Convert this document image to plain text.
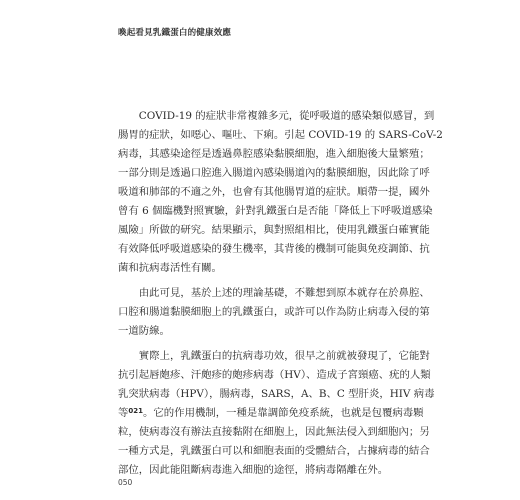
喚起看見乳鐵蛋白的健康效應
COVID-19 的症狀非常複雜多元，從呼吸道的感染類似感冒，到
腸胃的症狀，如噁心、嘔吐、下痢。引起 COVID-19 的 SARS-CoV-2
病毒，其感染途徑是透過鼻腔感染黏膜細胞，進入細胞後大量繁殖；
一部分則是透過口腔進入腸道內感染腸道內的黏膜細胞，因此除了呼
吸道和肺部的不適之外，也會有其他腸胃道的症狀。順帶一提，國外
曾有 6 個臨機對照實驗，針對乳鐵蛋白是否能「降低上下呼吸道感染
風險」所做的研究。結果顯示，與對照組相比，使用乳鐵蛋白確實能
有效降低呼吸道感染的發生機率，其背後的機制可能與免疫調節、抗
菌和抗病毒活性有關。
由此可見，基於上述的理論基礎，不難想到原本就存在於鼻腔、
口腔和腸道黏膜細胞上的乳鐵蛋白，或許可以作為防止病毒入侵的第
一道防線。
實際上，乳鐵蛋白的抗病毒功效，很早之前就被發現了，它能對
抗引起唇皰疹、汗皰疹的皰疹病毒（HV）、造成子宮頸癌、疣的人類
乳突狀病毒（HPV），腸病毒，SARS，A、B、C 型肝炎，HIV 病毒
等$^{021}$。它的作用機制，一種是靠調節免疫系統，也就是包覆病毒顆
粒，使病毒沒有辦法直接黏附在細胞上，因此無法侵入到細胞內；另
一種方式是，乳鐵蛋白可以和細胞表面的受體結合，占據病毒的結合
部位，因此能阻斷病毒進入細胞的途徑，將病毒隔離在外。
050
